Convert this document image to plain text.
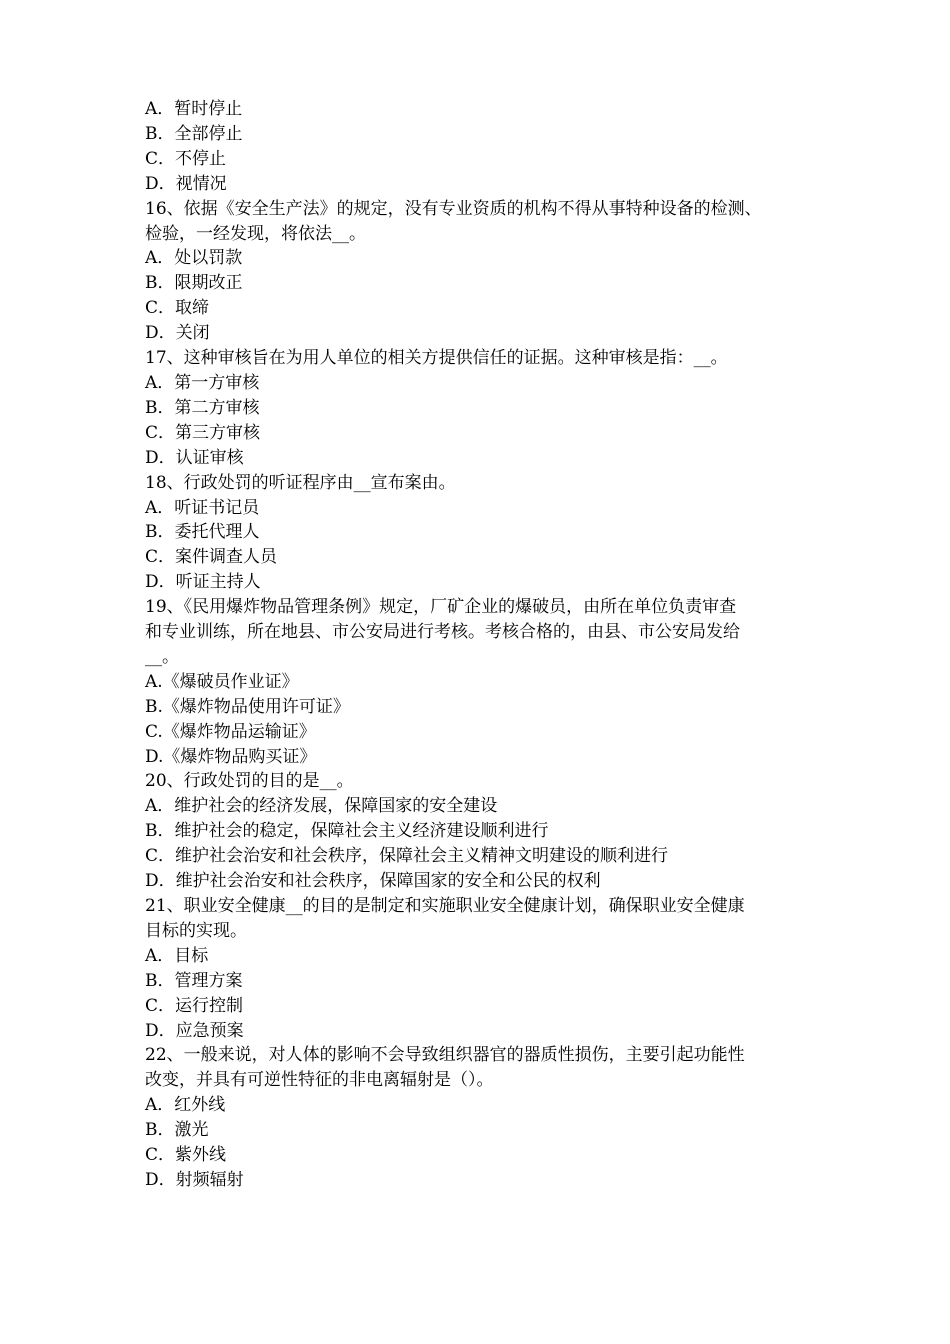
A．暂时停止

B．全部停止

C．不停止

D．视情况

16、依据《安全生产法》的规定，没有专业资质的机构不得从事特种设备的检测、

检验，一经发现，将依法__。

A．处以罚款

B．限期改正

C．取缔

D．关闭

17、这种审核旨在为用人单位的相关方提供信任的证据。这种审核是指：__。

A．第一方审核

B．第二方审核

C．第三方审核

D．认证审核

18、行政处罚的听证程序由__宣布案由。

A．听证书记员

B．委托代理人

C．案件调查人员

D．听证主持人

19、《民用爆炸物品管理条例》规定，厂矿企业的爆破员，由所在单位负责审查

和专业训练，所在地县、市公安局进行考核。考核合格的，由县、市公安局发给

__。

A.《爆破员作业证》

B.《爆炸物品使用许可证》

C.《爆炸物品运输证》

D.《爆炸物品购买证》

20、行政处罚的目的是__。

A．维护社会的经济发展，保障国家的安全建设

B．维护社会的稳定，保障社会主义经济建设顺利进行

C．维护社会治安和社会秩序，保障社会主义精神文明建设的顺利进行

D．维护社会治安和社会秩序，保障国家的安全和公民的权利

21、职业安全健康__的目的是制定和实施职业安全健康计划，确保职业安全健康

目标的实现。

A．目标

B．管理方案

C．运行控制

D．应急预案

22、一般来说，对人体的影响不会导致组织器官的器质性损伤，主要引起功能性

改变，并具有可逆性特征的非电离辐射是（）。

A．红外线

B．激光

C．紫外线

D．射频辐射
